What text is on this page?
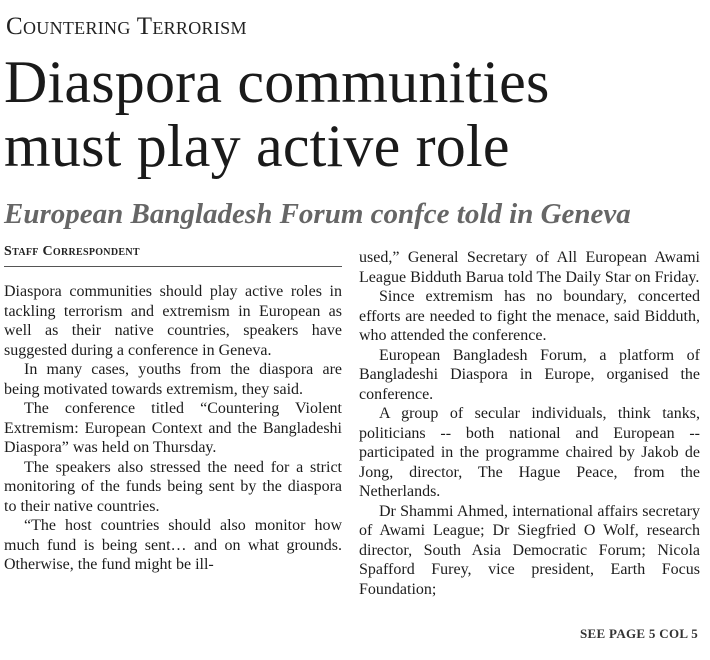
Countering Terrorism
Diaspora communities
must play active role
European Bangladesh Forum confce told in Geneva
Staff Correspondent

Diaspora communities should play active roles in tackling terrorism and extremism in European as well as their native countries, speakers have suggested during a conference in Geneva.

In many cases, youths from the diaspora are being motivated towards extremism, they said.

The conference titled “Countering Violent Extremism: European Context and the Bangladeshi Diaspora” was held on Thursday.

The speakers also stressed the need for a strict monitoring of the funds being sent by the diaspora to their native countries.

“The host countries should also monitor how much fund is being sent… and on what grounds. Otherwise, the fund might be ill-

used,” General Secretary of All European Awami League Bidduth Barua told The Daily Star on Friday.

Since extremism has no boundary, concerted efforts are needed to fight the menace, said Bidduth, who attended the conference.

European Bangladesh Forum, a platform of Bangladeshi Diaspora in Europe, organised the conference.

A group of secular individuals, think tanks, politicians -- both national and European -- participated in the programme chaired by Jakob de Jong, director, The Hague Peace, from the Netherlands.

Dr Shammi Ahmed, international affairs secretary of Awami League; Dr Siegfried O Wolf, research director, South Asia Democratic Forum; Nicola Spafford Furey, vice president, Earth Focus Foundation;

SEE PAGE 5 COL 5
